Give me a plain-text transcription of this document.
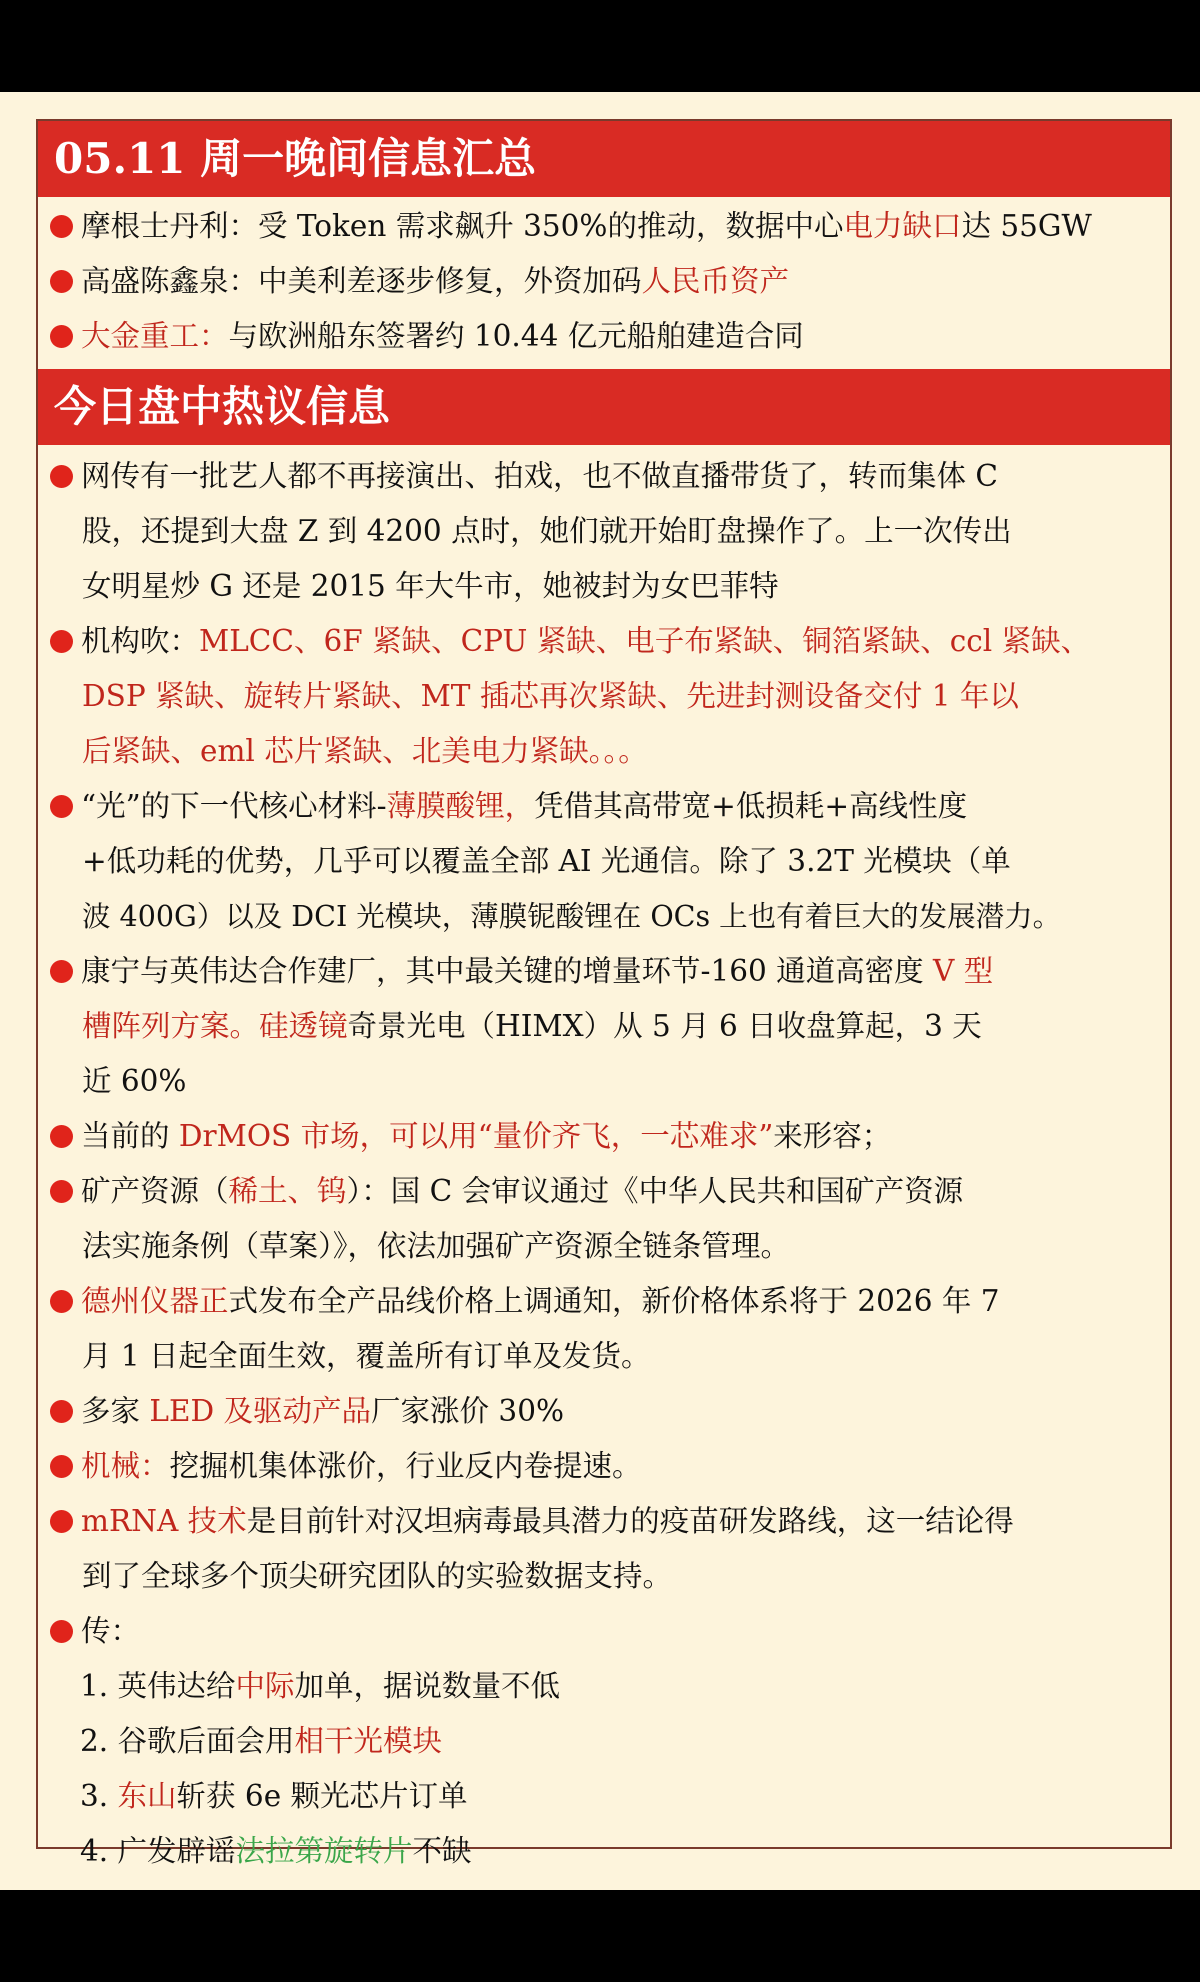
05.11 周一晚间信息汇总
摩根士丹利：受 Token 需求飙升 350%的推动，数据中心电力缺口达 55GW
高盛陈鑫泉：中美利差逐步修复，外资加码人民币资产
大金重工：与欧洲船东签署约 10.44 亿元船舶建造合同
今日盘中热议信息
网传有一批艺人都不再接演出、拍戏，也不做直播带货了，转而集体 C
股，还提到大盘 Z 到 4200 点时，她们就开始盯盘操作了。上一次传出
女明星炒 G 还是 2015 年大牛市，她被封为女巴菲特
机构吹：MLCC、6F 紧缺、CPU 紧缺、电子布紧缺、铜箔紧缺、ccl 紧缺、
DSP 紧缺、旋转片紧缺、MT 插芯再次紧缺、先进封测设备交付 1 年以
后紧缺、eml 芯片紧缺、北美电力紧缺。。。
“光”的下一代核心材料-薄膜酸锂，凭借其高带宽+低损耗+高线性度
+低功耗的优势，几乎可以覆盖全部 AI 光通信。除了 3.2T 光模块（单
波 400G）以及 DCI 光模块，薄膜铌酸锂在 OCs 上也有着巨大的发展潜力。
康宁与英伟达合作建厂，其中最关键的增量环节-160 通道高密度 V 型
槽阵列方案。硅透镜奇景光电（HIMX）从 5 月 6 日收盘算起，3 天
近 60%
当前的 DrMOS 市场，可以用“量价齐飞，一芯难求”来形容；
矿产资源（稀土、钨）：国 C 会审议通过《中华人民共和国矿产资源
法实施条例（草案）》，依法加强矿产资源全链条管理。
德州仪器正式发布全产品线价格上调通知，新价格体系将于 2026 年 7
月 1 日起全面生效，覆盖所有订单及发货。
多家 LED 及驱动产品厂家涨价 30%
机械：挖掘机集体涨价，行业反内卷提速。
mRNA 技术是目前针对汉坦病毒最具潜力的疫苗研发路线，这一结论得
到了全球多个顶尖研究团队的实验数据支持。
传：
1. 英伟达给中际加单，据说数量不低
2. 谷歌后面会用相干光模块
3. 东山斩获 6e 颗光芯片订单
4. 广发辟谣法拉第旋转片不缺
